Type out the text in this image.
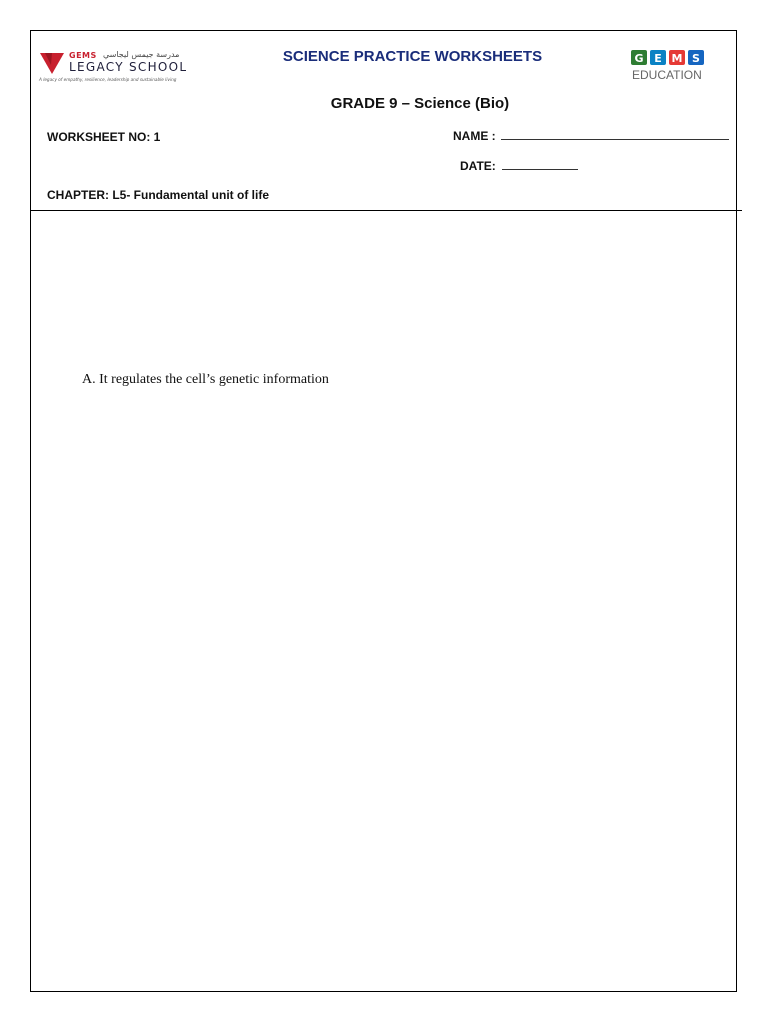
GEMS مدرسة جيمس ليجاسي
LEGACY SCHOOL
A legacy of empathy, resilience, leadership and sustainable living
SCIENCE PRACTICE WORKSHEETS
GRADE 9 – Science (Bio)
G E M S
EDUCATION
WORKSHEET NO: 1	NAME :
DATE:
CHAPTER: L5- Fundamental unit of life
A. It regulates the cell’s genetic information
